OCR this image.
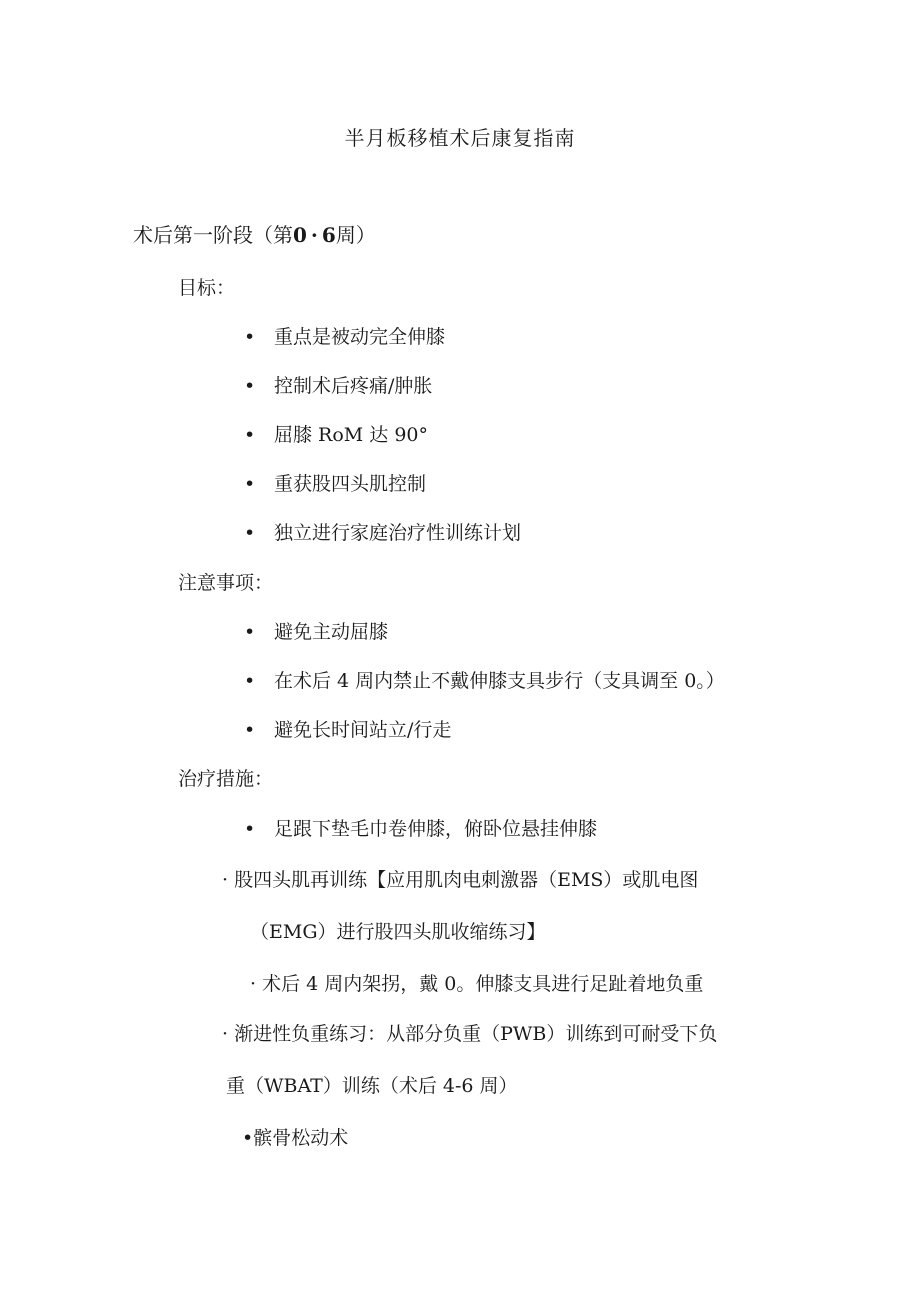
半月板移植术后康复指南
术后第一阶段（第0 · 6周）
目标：
• 重点是被动完全伸膝
• 控制术后疼痛/肿胀
• 屈膝 RoM 达 90°
• 重获股四头肌控制
• 独立进行家庭治疗性训练计划
注意事项：
• 避免主动屈膝
• 在术后 4 周内禁止不戴伸膝支具步行（支具调至 0。）
• 避免长时间站立/行走
治疗措施：
• 足跟下垫毛巾卷伸膝，俯卧位悬挂伸膝
· 股四头肌再训练【应用肌肉电刺激器（EMS）或肌电图
（EMG）进行股四头肌收缩练习】
· 术后 4 周内架拐，戴 0。伸膝支具进行足趾着地负重
· 渐进性负重练习：从部分负重（PWB）训练到可耐受下负
重（WBAT）训练（术后 4-6 周）
•髌骨松动术
